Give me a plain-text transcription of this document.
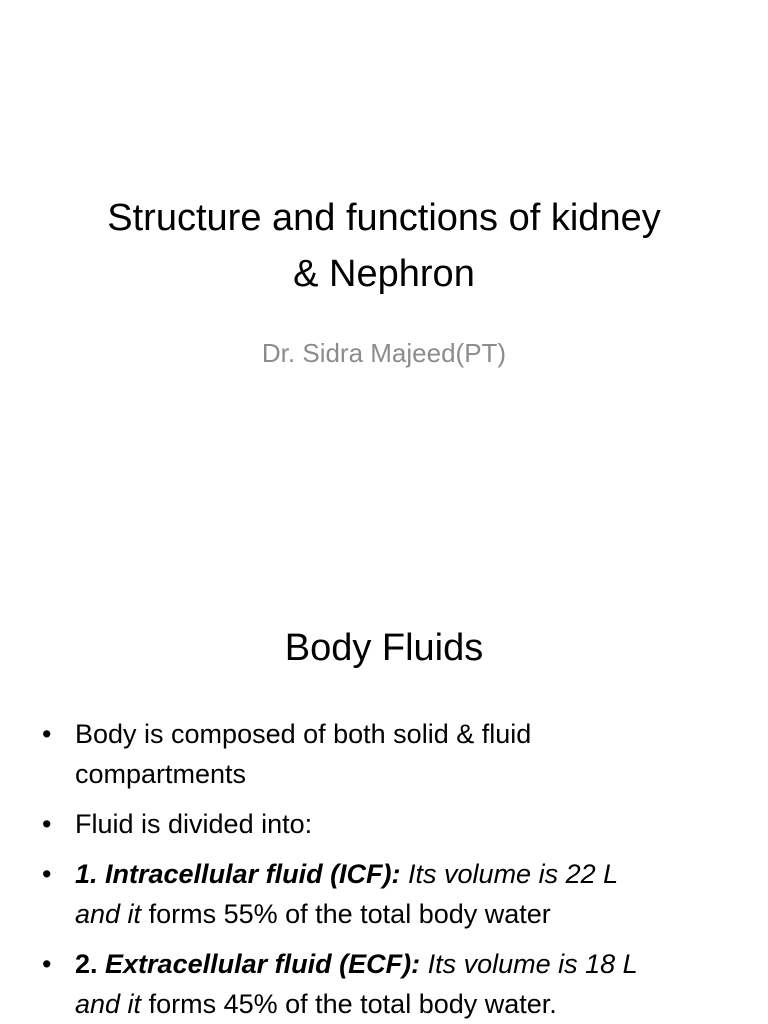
Structure and functions of kidney
& Nephron

Dr. Sidra Majeed(PT)

Body Fluids
• Body is composed of both solid & fluid
compartments
• Fluid is divided into:
• 1. Intracellular fluid (ICF): Its volume is 22 L
and it forms 55% of the total body water
• 2. Extracellular fluid (ECF): Its volume is 18 L
and it forms 45% of the total body water.
